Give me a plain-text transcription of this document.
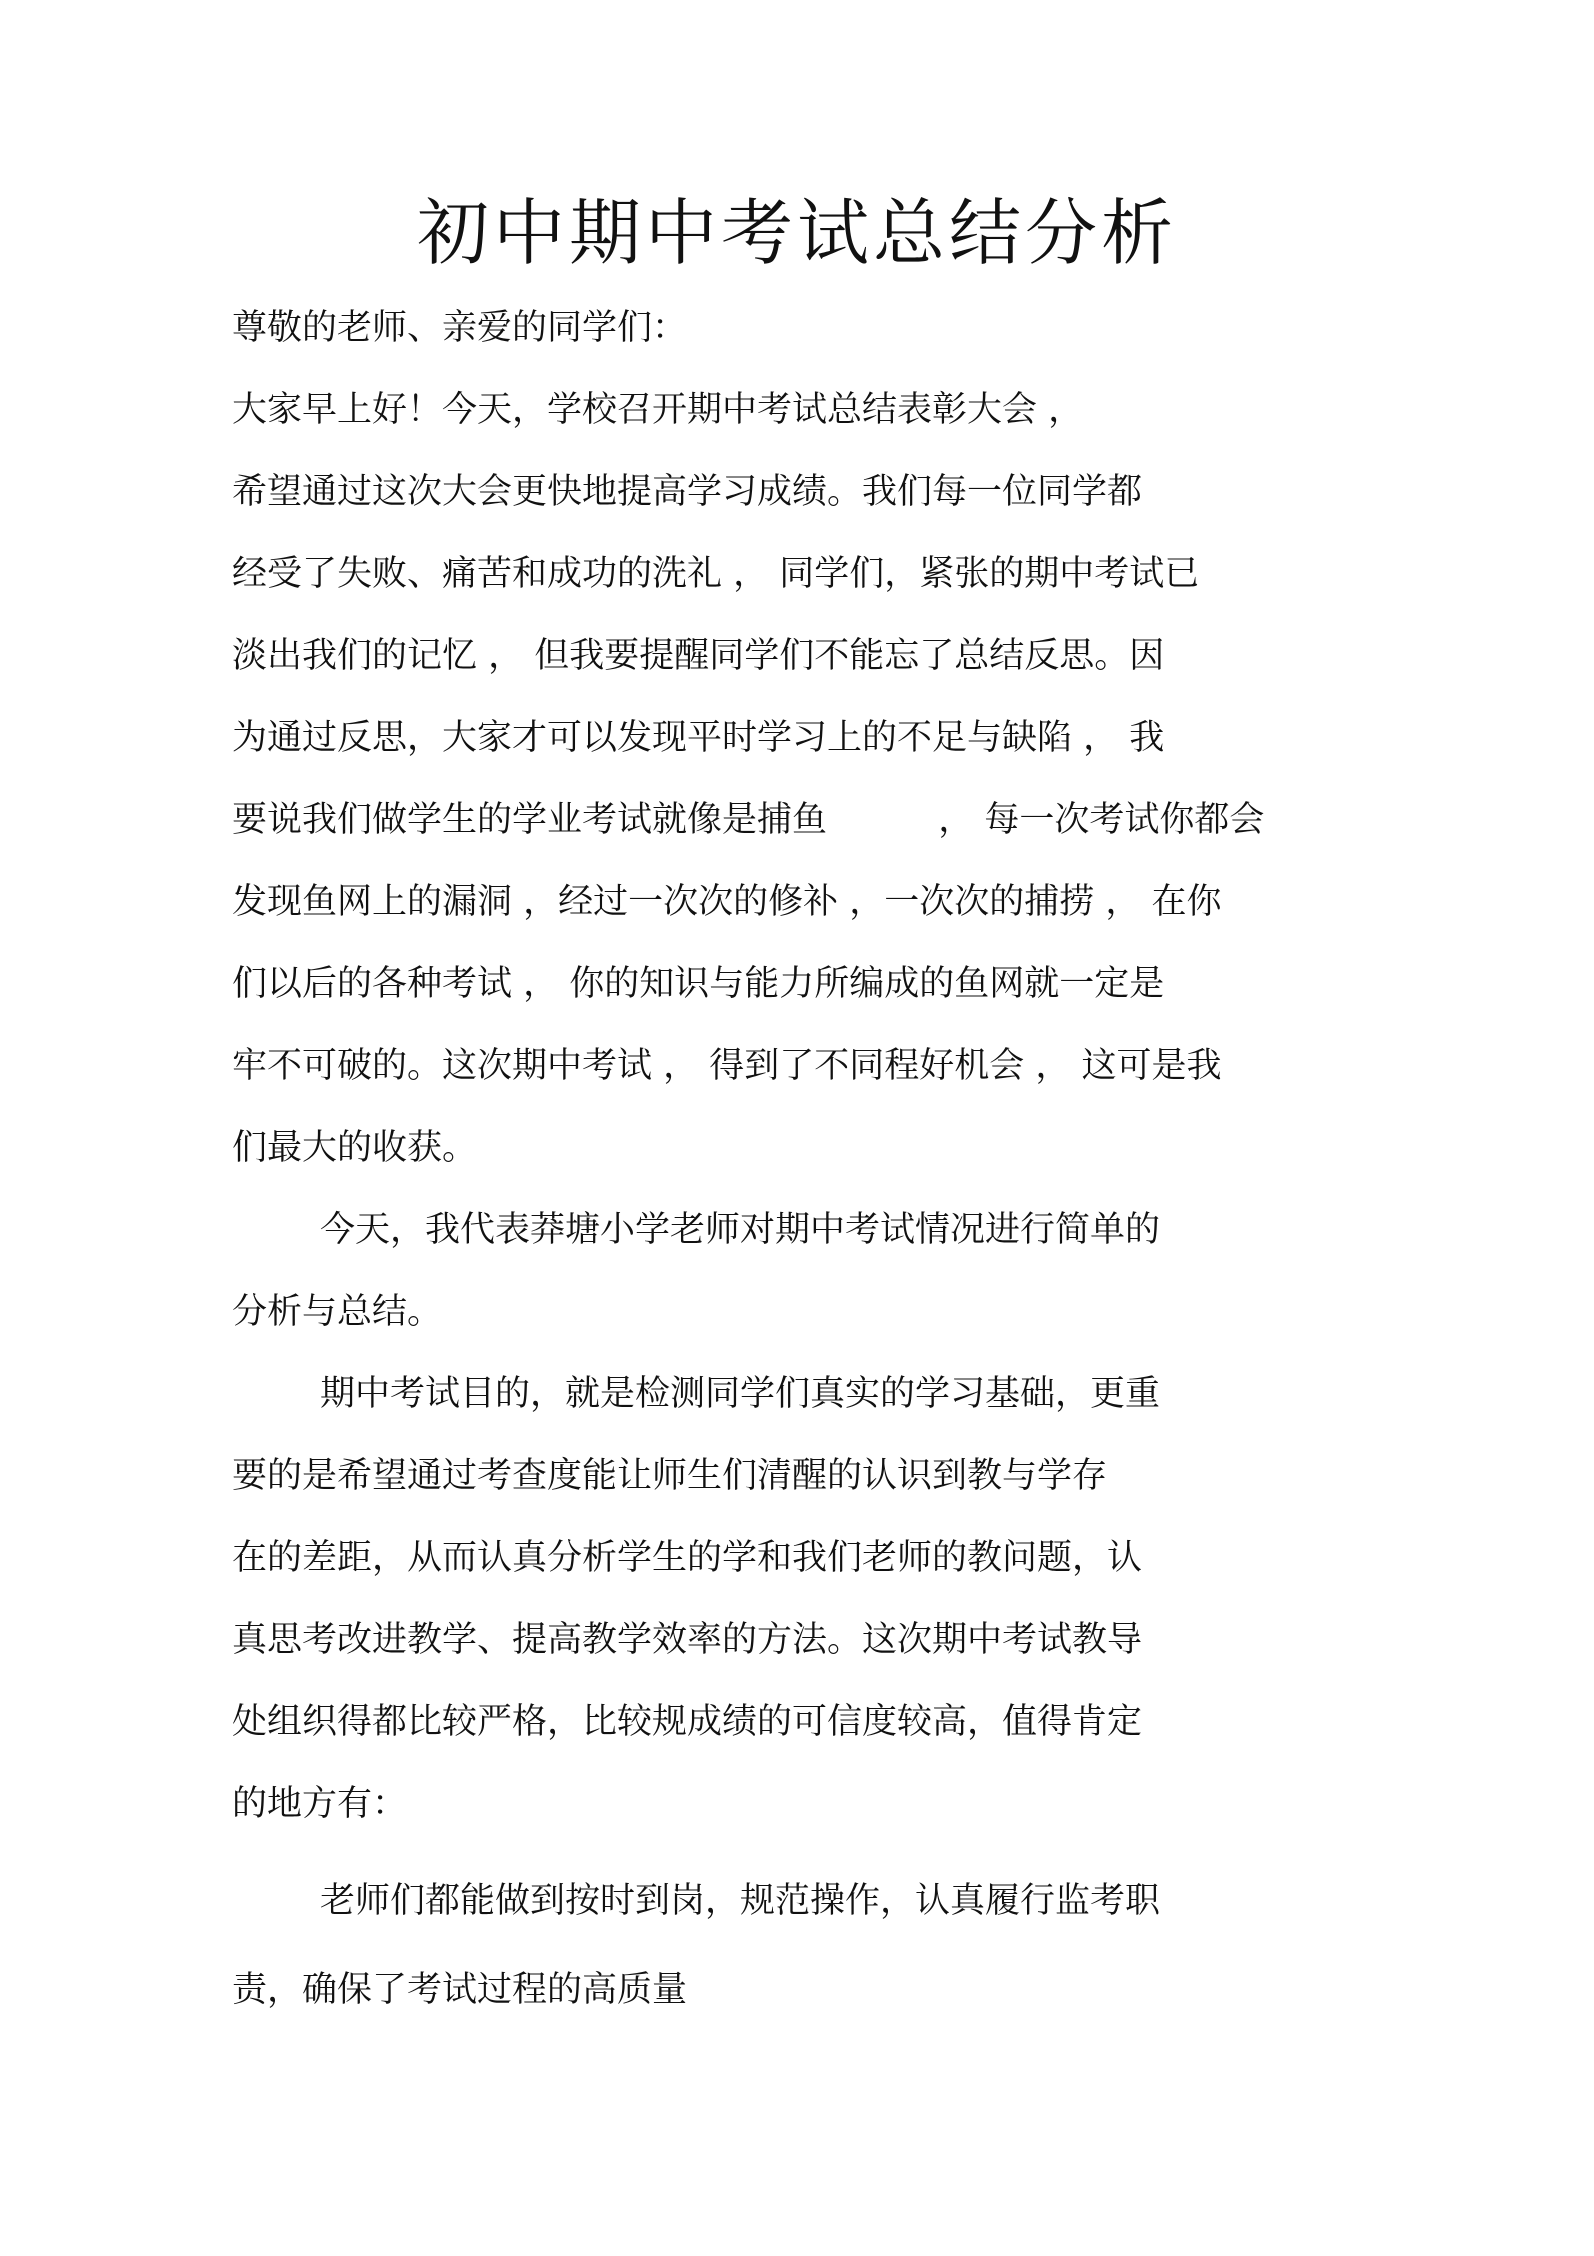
初中期中考试总结分析

尊敬的老师、亲爱的同学们：

大家早上好！今天，学校召开期中考试总结表彰大会 ，

希望通过这次大会更快地提高学习成绩。我们每一位同学都

经受了失败、痛苦和成功的洗礼 ， 同学们，紧张的期中考试已

淡出我们的记忆 ， 但我要提醒同学们不能忘了总结反思。因

为通过反思，大家才可以发现平时学习上的不足与缺陷 ， 我

要说我们做学生的学业考试就像是捕鱼          ， 每一次考试你都会

发现鱼网上的漏洞 ，经过一次次的修补 ，一次次的捕捞 ， 在你

们以后的各种考试 ， 你的知识与能力所编成的鱼网就一定是

牢不可破的。这次期中考试 ， 得到了不同程好机会 ， 这可是我

们最大的收获。

今天，我代表莽塘小学老师对期中考试情况进行简单的

分析与总结。

期中考试目的，就是检测同学们真实的学习基础，更重

要的是希望通过考查度能让师生们清醒的认识到教与学存

在的差距，从而认真分析学生的学和我们老师的教问题，认

真思考改进教学、提高教学效率的方法。这次期中考试教导

处组织得都比较严格，比较规成绩的可信度较高，值得肯定

的地方有：

老师们都能做到按时到岗，规范操作，认真履行监考职

责，确保了考试过程的高质量
